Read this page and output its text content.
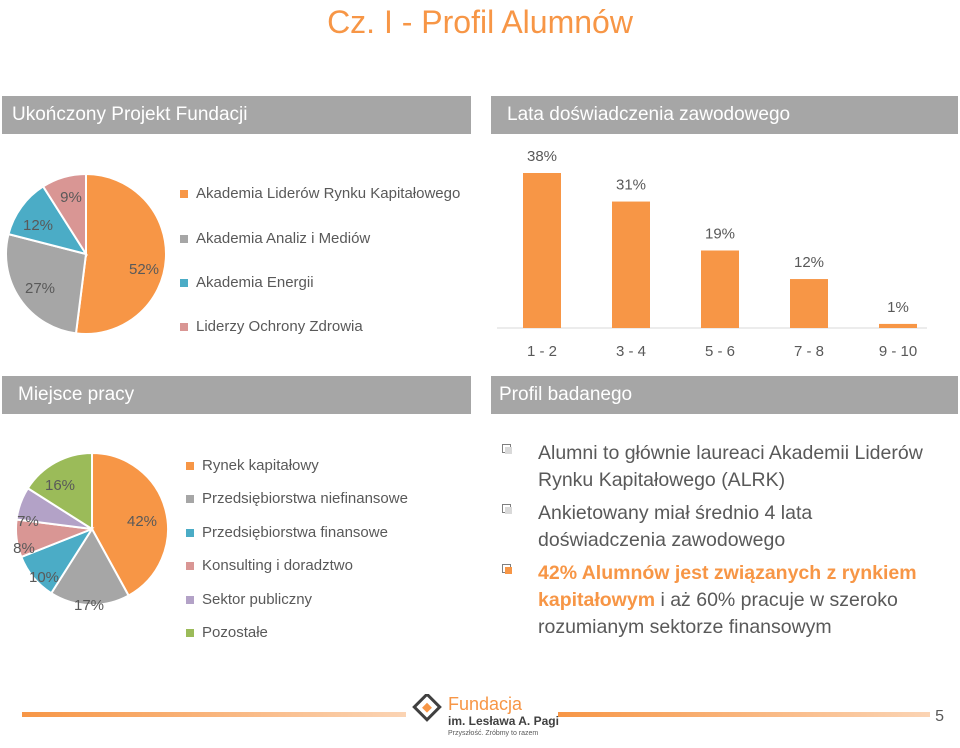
Cz. I - Profil Alumnów
Ukończony Projekt Fundacji	Lata doświadczenia zawodowego
Miejsce pracy	Profil badanego
52%
27%
12%
9%	Akademia Liderów Rynku Kapitałowego
Akademia Analiz i Mediów
Akademia Energii
Liderzy Ochrony Zdrowia
38%
1 - 2
31%
3 - 4
19%
5 - 6
12%
7 - 8
1%
9 - 10
42%
17%
10%
8%
7%
16%
Rynek kapitałowy
Przedsiębiorstwa niefinansowe
Przedsiębiorstwa finansowe
Konsulting i doradztwo
Sektor publiczny
Pozostałe
Alumni to głównie laureaci Akademii Liderów Rynku Kapitałowego (ALRK)
Ankietowany miał średnio 4 lata doświadczenia zawodowego
42% Alumnów jest związanych z rynkiem kapitałowym i aż 60% pracuje w szeroko rozumianym sektorze finansowym
Fundacja
im. Lesława A. Pagi
Przyszłość. Zróbmy to razem
5
